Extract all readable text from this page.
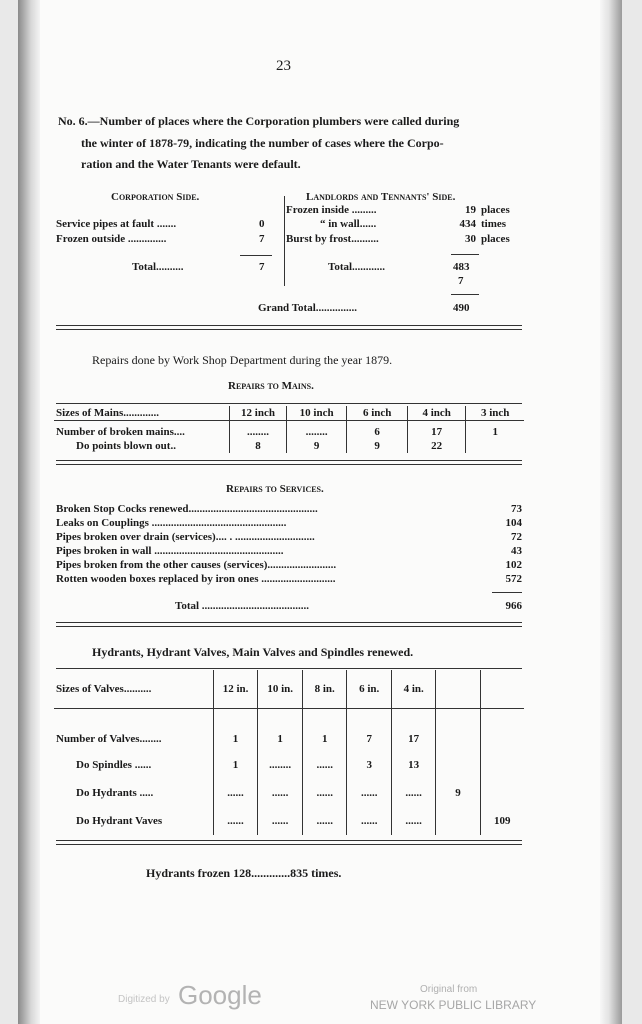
23
No. 6.—Number of places where the Corporation plumbers were called during
the winter of 1878-79, indicating the number of cases where the Corpo-
ration and the Water Tenants were default.
Corporation Side.
Service pipes at fault .......	0
Frozen outside ..............	7
Total..........	7
Landlords and Tennants' Side.
Frozen inside .........	19 places
“ in wall......	434 times
Burst by frost..........	30 places
Total............	483
7
Grand Total...............	490
Repairs done by Work Shop Department during the year 1879.
Repairs to Mains.
Sizes of Mains.............	12 inch	10 inch	6 inch	4 inch	3 inch
Number of broken mains....	........	........	6	17	1
Do points blown out..	8	9	9	22	
Repairs to Services.
Broken Stop Cocks renewed...............................................	73
Leaks on Couplings .................................................	104
Pipes broken over drain (services).... . .............................	72
Pipes broken in wall ...............................................	43
Pipes broken from the other causes (services).........................	102
Rotten wooden boxes replaced by iron ones ...........................	572
Total .......................................	966
Hydrants, Hydrant Valves, Main Valves and Spindles renewed.
Sizes of Valves..........	12 in.	10 in.	8 in.	6 in.	4 in.		
Number of Valves........	1	1	1	7	17		
Do Spindles ......	1	........	......	3	13		
Do Hydrants .....	......	......	......	......	......	9	
Do Hydrant Vaves	......	......	......	......	......		109
Hydrants frozen 128.............835 times.
Digitized by Google	Original from
NEW YORK PUBLIC LIBRARY
